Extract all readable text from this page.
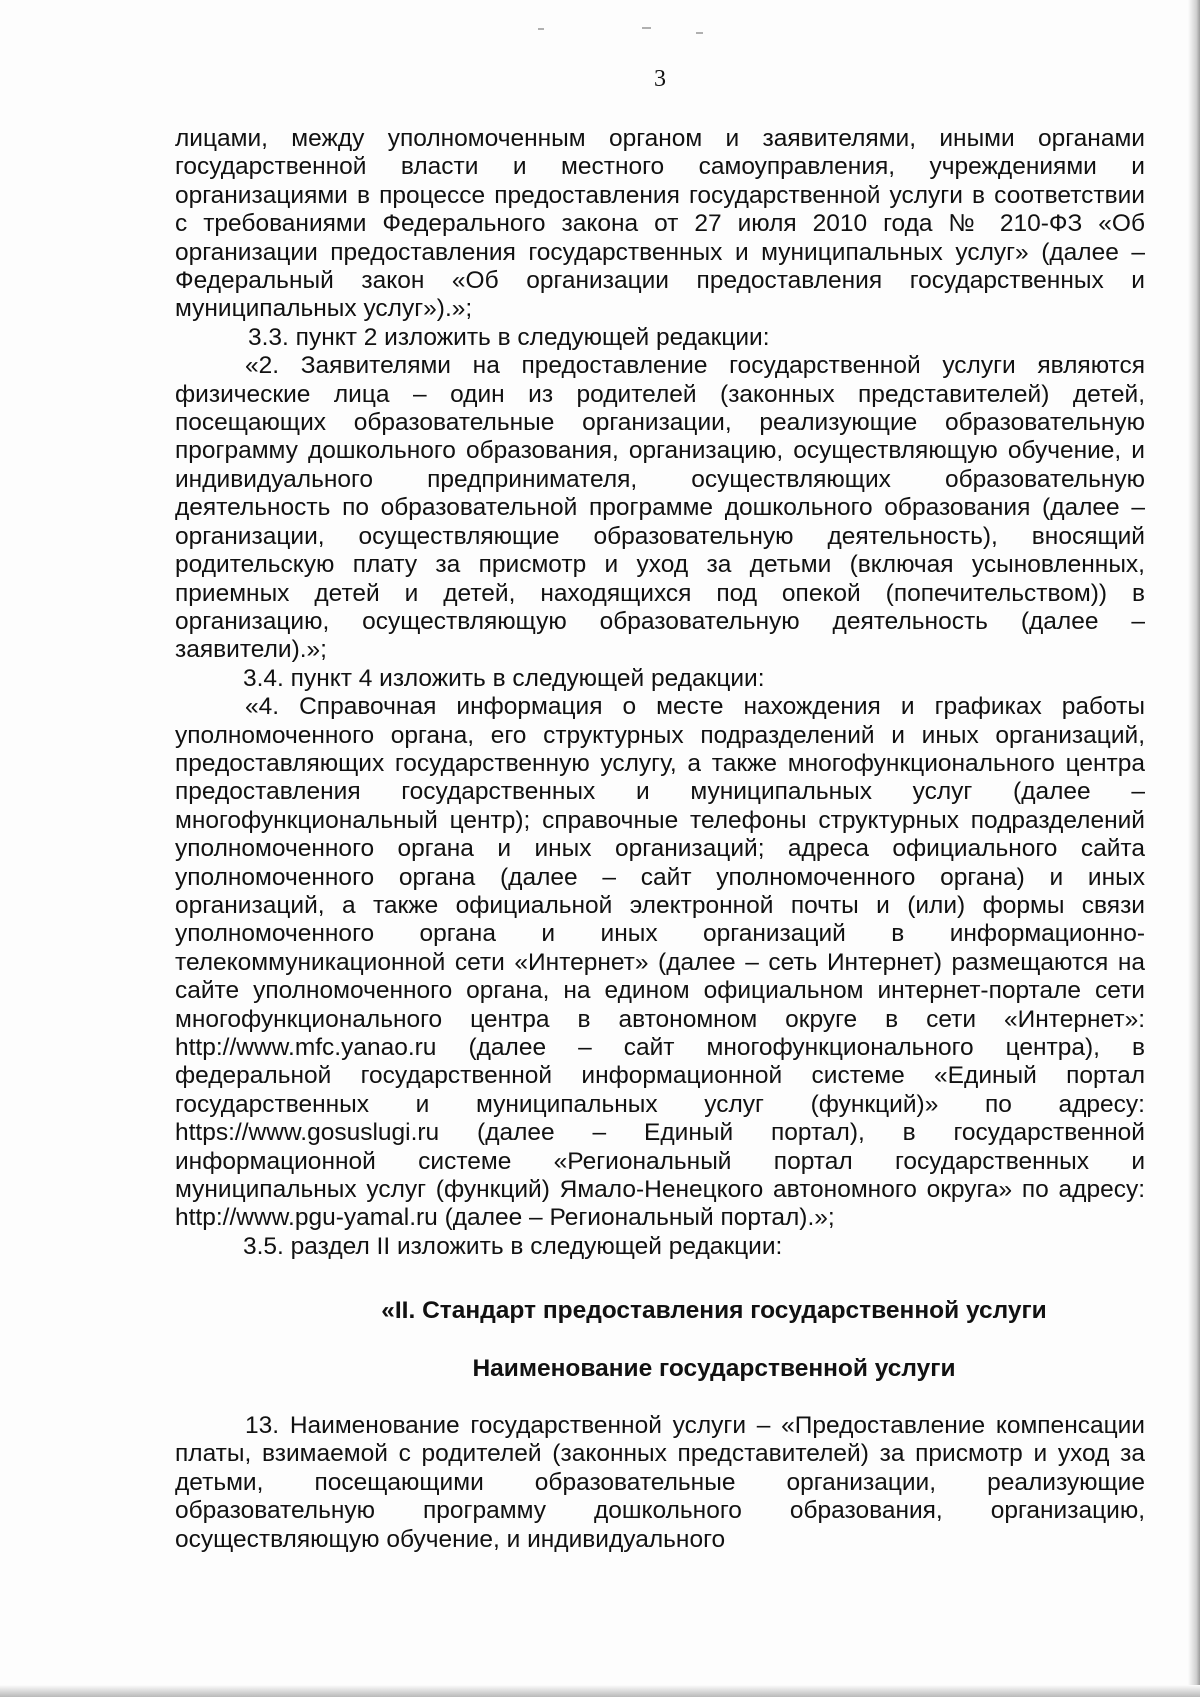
3

лицами, между уполномоченным органом и заявителями, иными органами государственной власти и местного самоуправления, учреждениями и организациями в процессе предоставления государственной услуги в соответствии с требованиями Федерального закона от 27 июля 2010 года № 210-ФЗ «Об организации предоставления государственных и муниципальных услуг» (далее – Федеральный закон «Об организации предоставления государственных и муниципальных услуг»).»;

3.3. пункт 2 изложить в следующей редакции:

«2. Заявителями на предоставление государственной услуги являются физические лица – один из родителей (законных представителей) детей, посещающих образовательные организации, реализующие образовательную программу дошкольного образования, организацию, осуществляющую обучение, и индивидуального предпринимателя, осуществляющих образовательную деятельность по образовательной программе дошкольного образования (далее – организации, осуществляющие образовательную деятельность), вносящий родительскую плату за присмотр и уход за детьми (включая усыновленных, приемных детей и детей, находящихся под опекой (попечительством)) в организацию, осуществляющую образовательную деятельность (далее – заявители).»;

3.4. пункт 4 изложить в следующей редакции:

«4. Справочная информация о месте нахождения и графиках работы уполномоченного органа, его структурных подразделений и иных организаций, предоставляющих государственную услугу, а также многофункционального центра предоставления государственных и муниципальных услуг (далее – многофункциональный центр); справочные телефоны структурных подразделений уполномоченного органа и иных организаций; адреса официального сайта уполномоченного органа (далее – сайт уполномоченного органа) и иных организаций, а также официальной электронной почты и (или) формы связи уполномоченного органа и иных организаций в информационно-телекоммуникационной сети «Интернет» (далее – сеть Интернет) размещаются на сайте уполномоченного органа, на едином официальном интернет-портале сети многофункционального центра в автономном округе в сети «Интернет»: http://www.mfc.yanao.ru (далее – сайт многофункционального центра), в федеральной государственной информационной системе «Единый портал государственных и муниципальных услуг (функций)» по адресу: https://www.gosuslugi.ru (далее – Единый портал), в государственной информационной системе «Региональный портал государственных и муниципальных услуг (функций) Ямало-Ненецкого автономного округа» по адресу: http://www.pgu-yamal.ru (далее – Региональный портал).»;

3.5. раздел II изложить в следующей редакции:

«II. Стандарт предоставления государственной услуги

Наименование государственной услуги

13. Наименование государственной услуги – «Предоставление компенсации платы, взимаемой с родителей (законных представителей) за присмотр и уход за детьми, посещающими образовательные организации, реализующие образовательную программу дошкольного образования, организацию, осуществляющую обучение, и индивидуального
